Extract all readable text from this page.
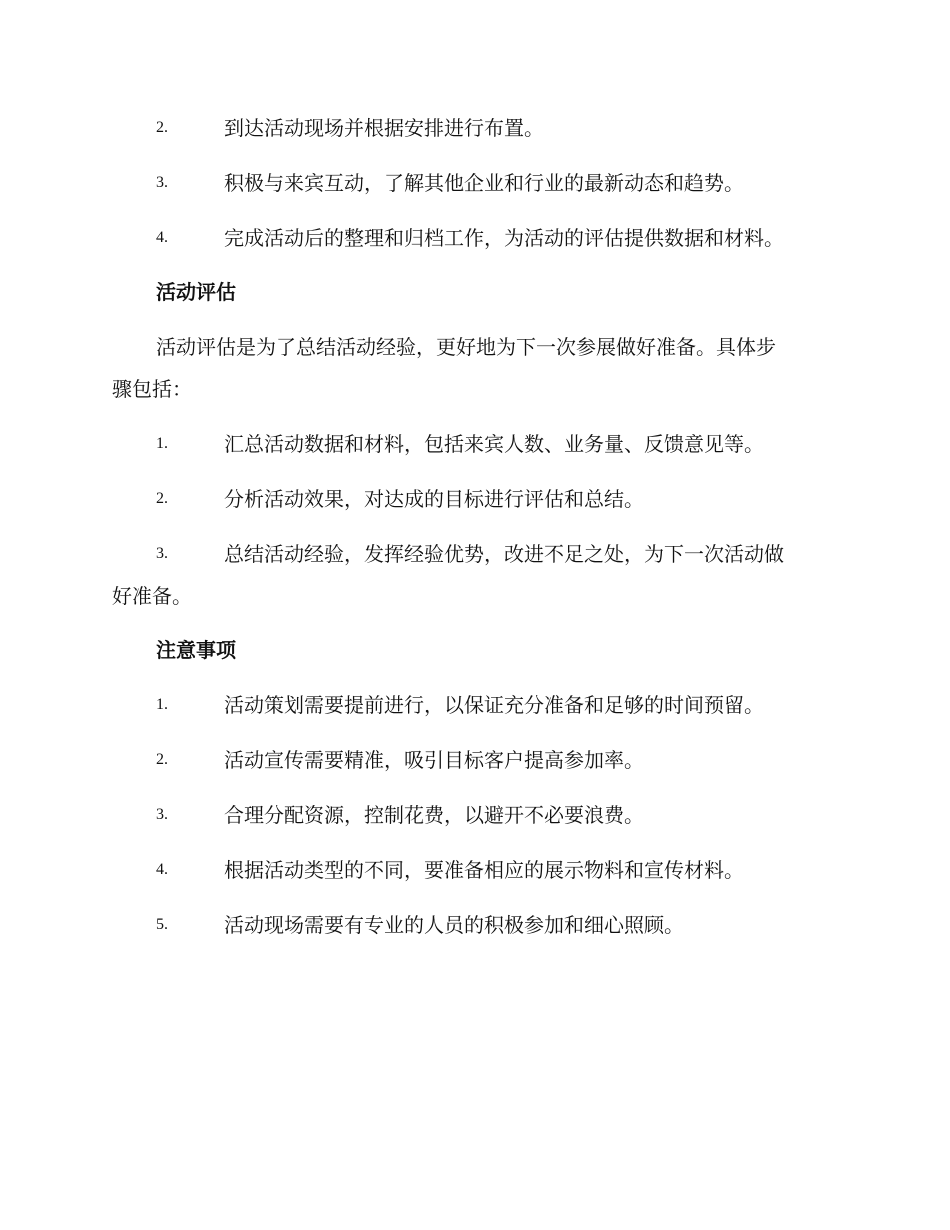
2.	到达活动现场并根据安排进行布置。
3.	积极与来宾互动，了解其他企业和行业的最新动态和趋势。
4.	完成活动后的整理和归档工作，为活动的评估提供数据和材料。
活动评估
活动评估是为了总结活动经验，更好地为下一次参展做好准备。具体步
骤包括：
1.	汇总活动数据和材料，包括来宾人数、业务量、反馈意见等。
2.	分析活动效果，对达成的目标进行评估和总结。
3.	总结活动经验，发挥经验优势，改进不足之处，为下一次活动做
好准备。
注意事项
1.	活动策划需要提前进行，以保证充分准备和足够的时间预留。
2.	活动宣传需要精准，吸引目标客户提高参加率。
3.	合理分配资源，控制花费，以避开不必要浪费。
4.	根据活动类型的不同，要准备相应的展示物料和宣传材料。
5.	活动现场需要有专业的人员的积极参加和细心照顾。
